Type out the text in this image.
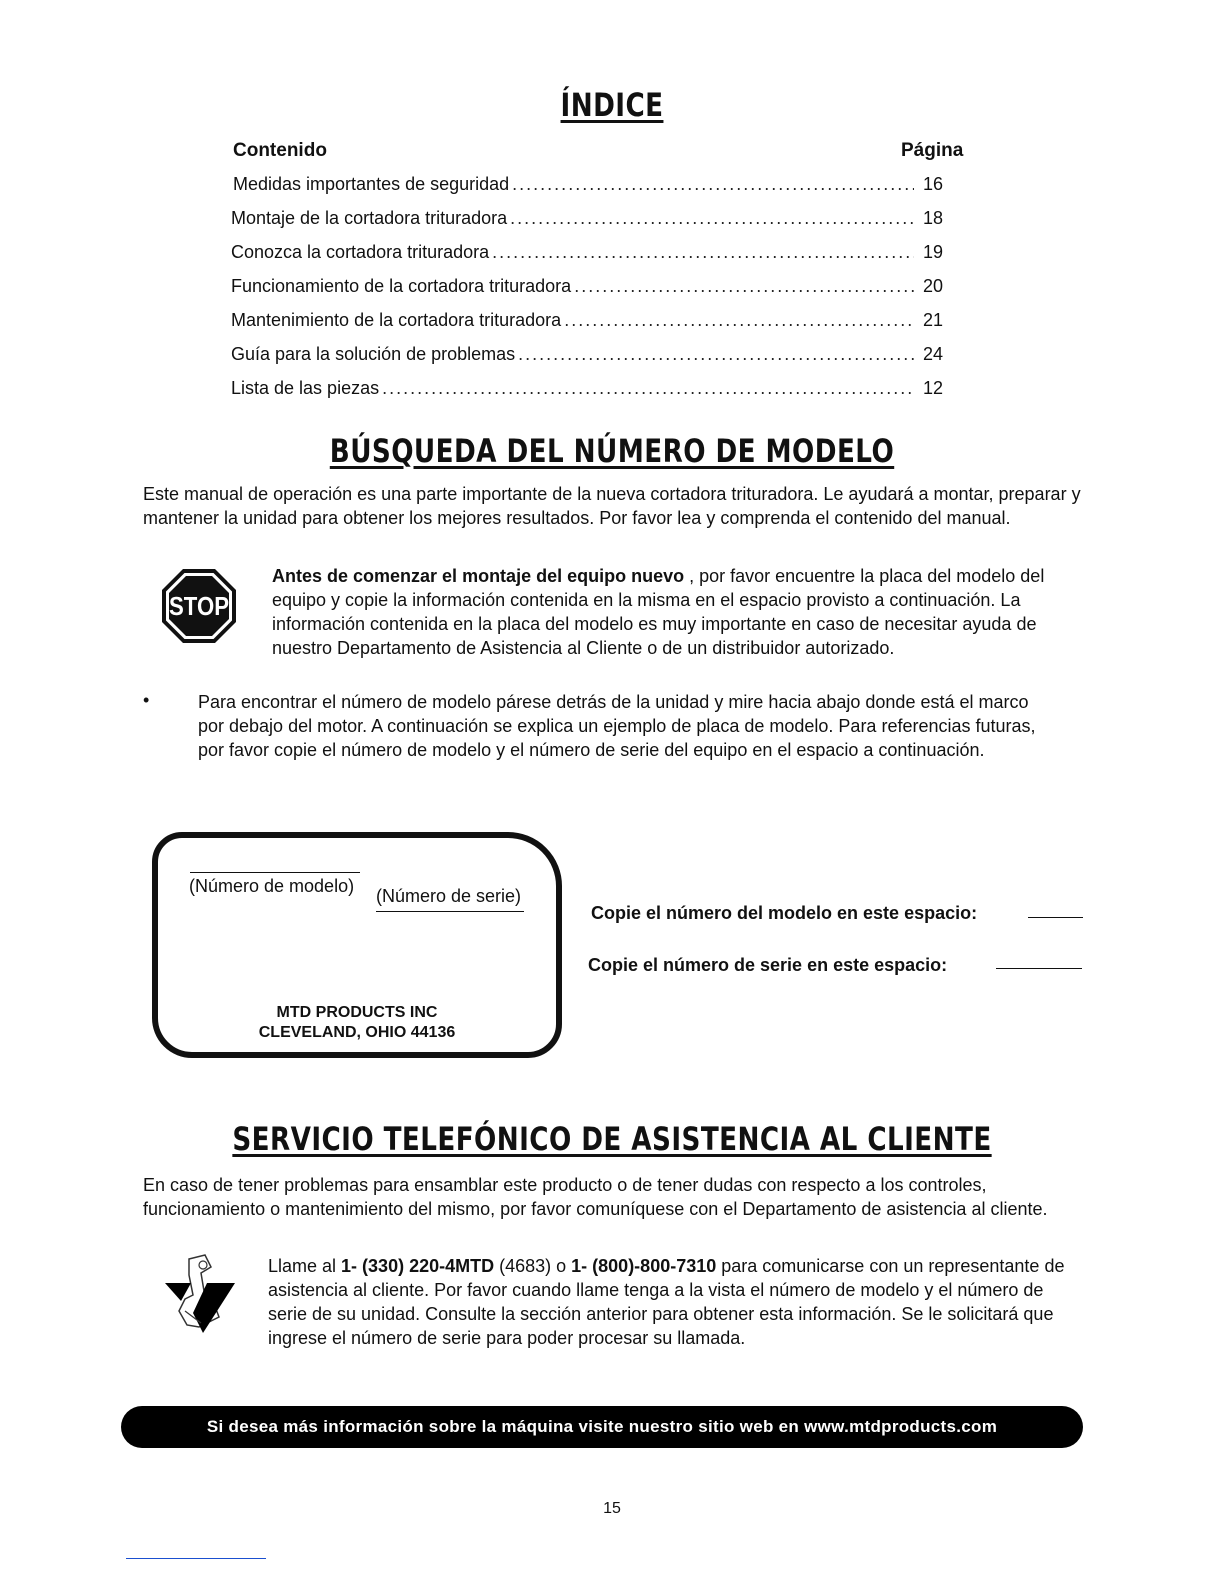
ÍNDICE
Contenido	Página
Medidas importantes de seguridad . . .	16
Montaje de la cortadora trituradora . . .	18
Conozca la cortadora trituradora . . .	19
Funcionamiento de la cortadora trituradora . . .	20
Mantenimiento de la cortadora trituradora . . .	21
Guía para la solución de problemas . . .	24
Lista de las piezas . . .	12
BÚSQUEDA DEL NÚMERO DE MODELO
Este manual de operación es una parte importante de la nueva cortadora trituradora. Le ayudará a montar, preparar y mantener la unidad para obtener los mejores resultados. Por favor lea y comprenda el contenido del manual.
STOP
Antes de comenzar el montaje del equipo nuevo , por favor encuentre la placa del modelo del equipo y copie la información contenida en la misma en el espacio provisto a continuación. La información contenida en la placa del modelo es muy importante en caso de necesitar ayuda de nuestro Departamento de Asistencia al Cliente o de un distribuidor autorizado.
•	Para encontrar el número de modelo párese detrás de la unidad y mire hacia abajo donde está el marco por debajo del motor. A continuación se explica un ejemplo de placa de modelo. Para referencias futuras, por favor copie el número de modelo y el número de serie del equipo en el espacio a continuación.
(Número de modelo) (Número de serie)
MTD PRODUCTS INC
CLEVELAND, OHIO 44136
Copie el número del modelo en este espacio:
Copie el número de serie en este espacio:
SERVICIO TELEFÓNICO DE ASISTENCIA AL CLIENTE
En caso de tener problemas para ensamblar este producto o de tener dudas con respecto a los controles, funcionamiento o mantenimiento del mismo, por favor comuníquese con el Departamento de asistencia al cliente.
Llame al 1- (330) 220-4MTD (4683) o 1- (800)-800-7310 para comunicarse con un representante de asistencia al cliente. Por favor cuando llame tenga a la vista el número de modelo y el número de serie de su unidad. Consulte la sección anterior para obtener esta información. Se le solicitará que ingrese el número de serie para poder procesar su llamada.
Si desea más información sobre la máquina visite nuestro sitio web en www.mtdproducts.com
15
